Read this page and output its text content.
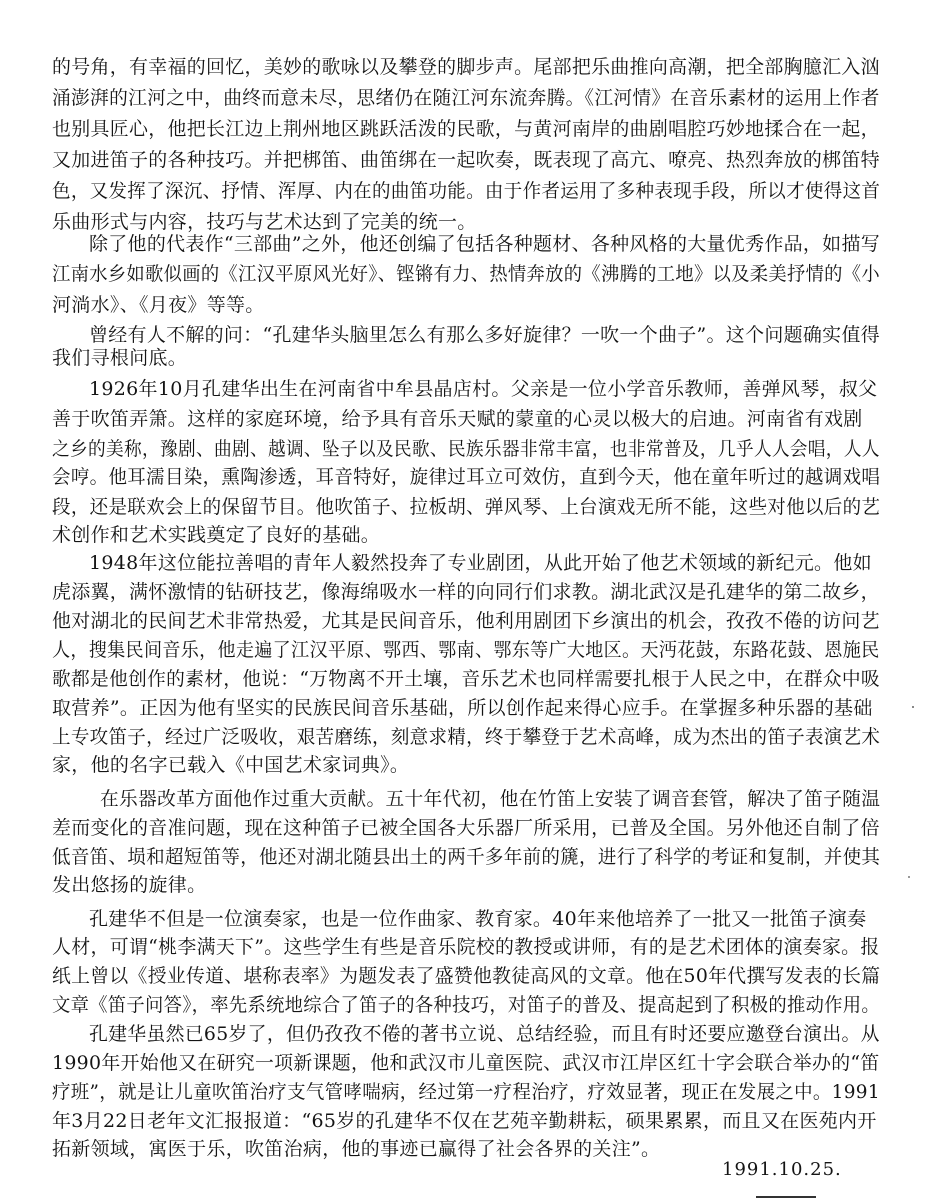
的号角，有幸福的回忆，美妙的歌咏以及攀登的脚步声。尾部把乐曲推向高潮，把全部胸臆汇入汹
涌澎湃的江河之中，曲终而意未尽，思绪仍在随江河东流奔腾。《江河情》在音乐素材的运用上作者
也别具匠心，他把长江边上荆州地区跳跃活泼的民歌，与黄河南岸的曲剧唱腔巧妙地揉合在一起，
又加进笛子的各种技巧。并把梆笛、曲笛绑在一起吹奏，既表现了高亢、嘹亮、热烈奔放的梆笛特
色，又发挥了深沉、抒情、浑厚、内在的曲笛功能。由于作者运用了多种表现手段，所以才使得这首
乐曲形式与内容，技巧与艺术达到了完美的统一。
除了他的代表作“三部曲”之外，他还创编了包括各种题材、各种风格的大量优秀作品，如描写
江南水乡如歌似画的《江汉平原风光好》、铿锵有力、热情奔放的《沸腾的工地》以及柔美抒情的《小
河淌水》、《月夜》等等。
曾经有人不解的问：“孔建华头脑里怎么有那么多好旋律？一吹一个曲子”。这个问题确实值得
我们寻根问底。
1926年10月孔建华出生在河南省中牟县晶店村。父亲是一位小学音乐教师，善弹风琴，叔父
善于吹笛弄箫。这样的家庭环境，给予具有音乐天赋的蒙童的心灵以极大的启迪。河南省有戏剧
之乡的美称，豫剧、曲剧、越调、坠子以及民歌、民族乐器非常丰富，也非常普及，几乎人人会唱，人人
会哼。他耳濡目染，熏陶渗透，耳音特好，旋律过耳立可效仿，直到今天，他在童年听过的越调戏唱
段，还是联欢会上的保留节目。他吹笛子、拉板胡、弹风琴、上台演戏无所不能，这些对他以后的艺
术创作和艺术实践奠定了良好的基础。
1948年这位能拉善唱的青年人毅然投奔了专业剧团，从此开始了他艺术领域的新纪元。他如
虎添翼，满怀激情的钻研技艺，像海绵吸水一样的向同行们求教。湖北武汉是孔建华的第二故乡，
他对湖北的民间艺术非常热爱，尤其是民间音乐，他利用剧团下乡演出的机会，孜孜不倦的访问艺
人，搜集民间音乐，他走遍了江汉平原、鄂西、鄂南、鄂东等广大地区。天沔花鼓，东路花鼓、恩施民
歌都是他创作的素材，他说：“万物离不开土壤，音乐艺术也同样需要扎根于人民之中，在群众中吸
取营养”。正因为他有坚实的民族民间音乐基础，所以创作起来得心应手。在掌握多种乐器的基础
上专攻笛子，经过广泛吸收，艰苦磨练，刻意求精，终于攀登于艺术高峰，成为杰出的笛子表演艺术
家，他的名字已载入《中国艺术家词典》。
在乐器改革方面他作过重大贡献。五十年代初，他在竹笛上安装了调音套管，解决了笛子随温
差而变化的音准问题，现在这种笛子已被全国各大乐器厂所采用，已普及全国。另外他还自制了倍
低音笛、埙和超短笛等，他还对湖北随县出土的两千多年前的篪，进行了科学的考证和复制，并使其
发出悠扬的旋律。
孔建华不但是一位演奏家，也是一位作曲家、教育家。40年来他培养了一批又一批笛子演奏
人材，可谓“桃李满天下”。这些学生有些是音乐院校的教授或讲师，有的是艺术团体的演奏家。报
纸上曾以《授业传道、堪称表率》为题发表了盛赞他教徒高风的文章。他在50年代撰写发表的长篇
文章《笛子问答》，率先系统地综合了笛子的各种技巧，对笛子的普及、提高起到了积极的推动作用。
孔建华虽然已65岁了，但仍孜孜不倦的著书立说、总结经验，而且有时还要应邀登台演出。从
1990年开始他又在研究一项新课题，他和武汉市儿童医院、武汉市江岸区红十字会联合举办的“笛
疗班”，就是让儿童吹笛治疗支气管哮喘病，经过第一疗程治疗，疗效显著，现正在发展之中。1991
年3月22日老年文汇报报道：“65岁的孔建华不仅在艺苑辛勤耕耘，硕果累累，而且又在医苑内开
拓新领域，寓医于乐，吹笛治病，他的事迹已赢得了社会各界的关注”。
1991.10.25.
